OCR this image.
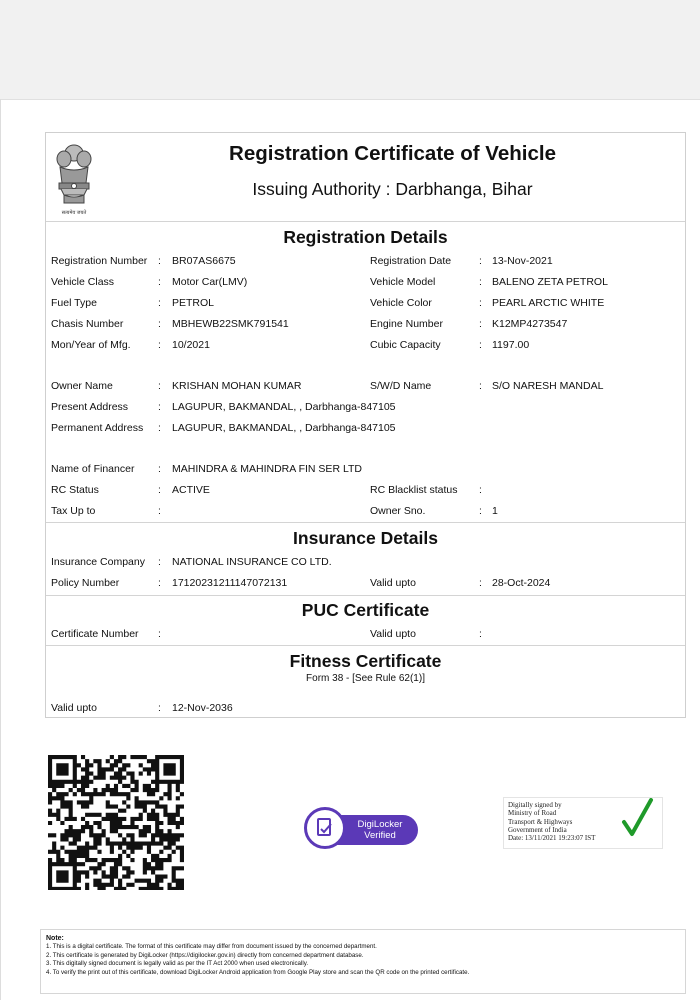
सत्यमेव जयते
Registration Certificate of Vehicle
Issuing Authority : Darbhanga, Bihar
Registration Details
Registration Number : BR07AS6675	Registration Date	: 13-Nov-2021
Vehicle Class	: Motor Car(LMV)	Vehicle Model	: BALENO ZETA PETROL
Fuel Type	: PETROL	Vehicle Color	: PEARL ARCTIC WHITE
Chasis Number	: MBHEWB22SMK791541	Engine Number	: K12MP4273547
Mon/Year of Mfg.	: 10/2021	Cubic Capacity	: 1197.00
Owner Name	: KRISHAN MOHAN KUMAR	S/W/D Name	: S/O NARESH MANDAL
Present Address	: LAGUPUR, BAKMANDAL, , Darbhanga-847105
Permanent Address : LAGUPUR, BAKMANDAL, , Darbhanga-847105
Name of Financer : MAHINDRA & MAHINDRA FIN SER LTD
RC Status	: ACTIVE	RC Blacklist status :
Tax Up to	:	Owner Sno.	: 1
Insurance Details
Insurance Company : NATIONAL INSURANCE CO LTD.
Policy Number	: 17120231211147072131	Valid upto	: 28-Oct-2024
PUC Certificate
Certificate Number :	Valid upto	:
Fitness Certificate
Form 38 - [See Rule 62(1)]
Valid upto	: 12-Nov-2036
DigiLocker
Verified
Digitally signed by
Ministry of Road
Transport & Highways
Government of India
Date: 13/11/2021 19:23:07 IST
Note:
1. This is a digital certificate. The format of this certificate may differ from document issued by the concerned department.
2. This certificate is generated by DigiLocker (https://digilocker.gov.in) directly from concerned department database.
3. This digitally signed document is legally valid as per the IT Act 2000 when used electronically.
4. To verify the print out of this certificate, download DigiLocker Android application from Google Play store and scan the QR code on the printed certificate.
